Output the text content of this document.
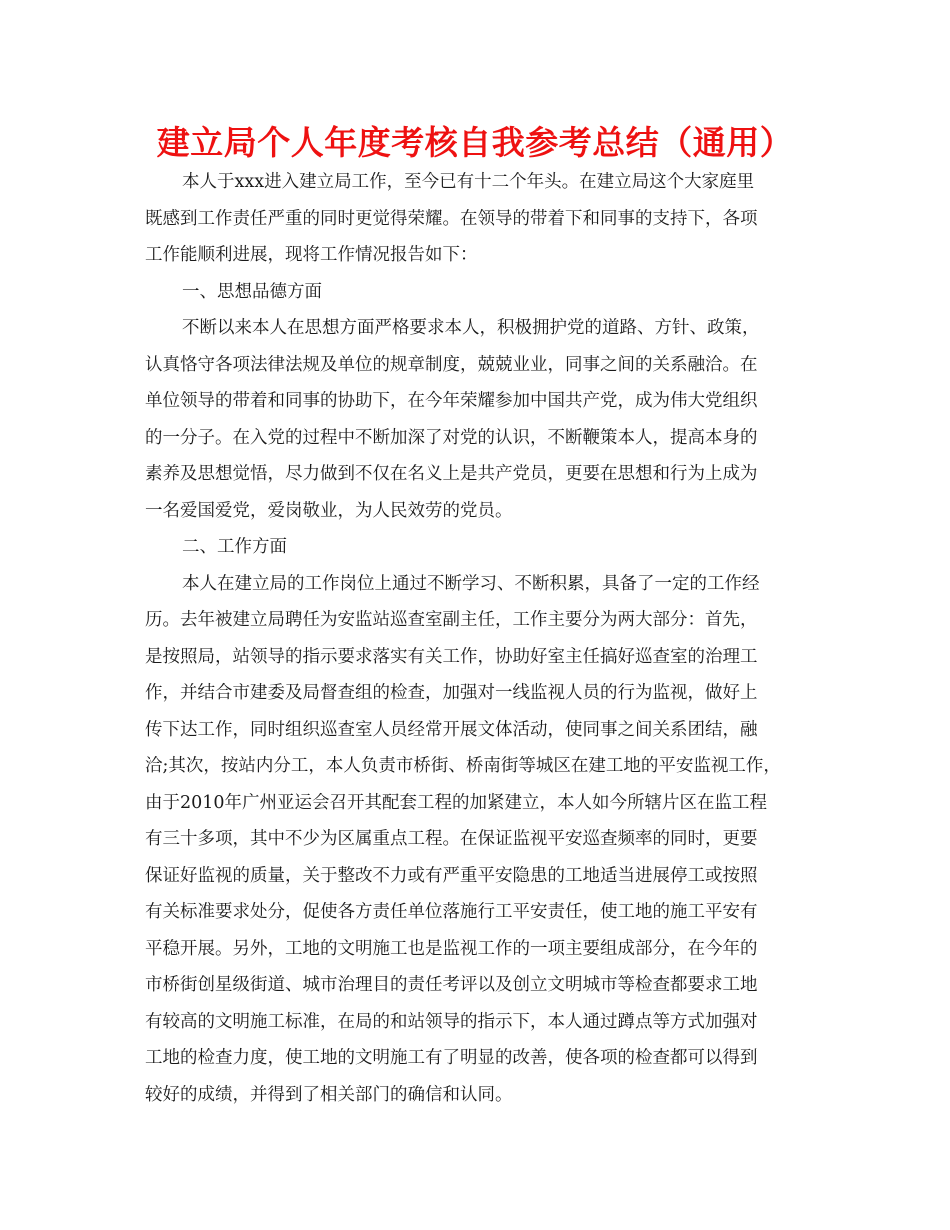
建立局个人年度考核自我参考总结（通用）
本人于xxx进入建立局工作，至今已有十二个年头。在建立局这个大家庭里
既感到工作责任严重的同时更觉得荣耀。在领导的带着下和同事的支持下，各项
工作能顺利进展，现将工作情况报告如下：
一、思想品德方面
不断以来本人在思想方面严格要求本人，积极拥护党的道路、方针、政策，
认真恪守各项法律法规及单位的规章制度，兢兢业业，同事之间的关系融洽。在
单位领导的带着和同事的协助下，在今年荣耀参加中国共产党，成为伟大党组织
的一分子。在入党的过程中不断加深了对党的认识，不断鞭策本人，提高本身的
素养及思想觉悟，尽力做到不仅在名义上是共产党员，更要在思想和行为上成为
一名爱国爱党，爱岗敬业，为人民效劳的党员。
二、工作方面
本人在建立局的工作岗位上通过不断学习、不断积累，具备了一定的工作经
历。去年被建立局聘任为安监站巡查室副主任，工作主要分为两大部分：首先，
是按照局，站领导的指示要求落实有关工作，协助好室主任搞好巡查室的治理工
作，并结合市建委及局督查组的检查，加强对一线监视人员的行为监视，做好上
传下达工作，同时组织巡查室人员经常开展文体活动，使同事之间关系团结，融
洽;其次，按站内分工，本人负责市桥街、桥南街等城区在建工地的平安监视工作，
由于2010年广州亚运会召开其配套工程的加紧建立，本人如今所辖片区在监工程
有三十多项，其中不少为区属重点工程。在保证监视平安巡查频率的同时，更要
保证好监视的质量，关于整改不力或有严重平安隐患的工地适当进展停工或按照
有关标准要求处分，促使各方责任单位落施行工平安责任，使工地的施工平安有
平稳开展。另外，工地的文明施工也是监视工作的一项主要组成部分，在今年的
市桥街创星级街道、城市治理目的责任考评以及创立文明城市等检查都要求工地
有较高的文明施工标准，在局的和站领导的指示下，本人通过蹲点等方式加强对
工地的检查力度，使工地的文明施工有了明显的改善，使各项的检查都可以得到
较好的成绩，并得到了相关部门的确信和认同。
